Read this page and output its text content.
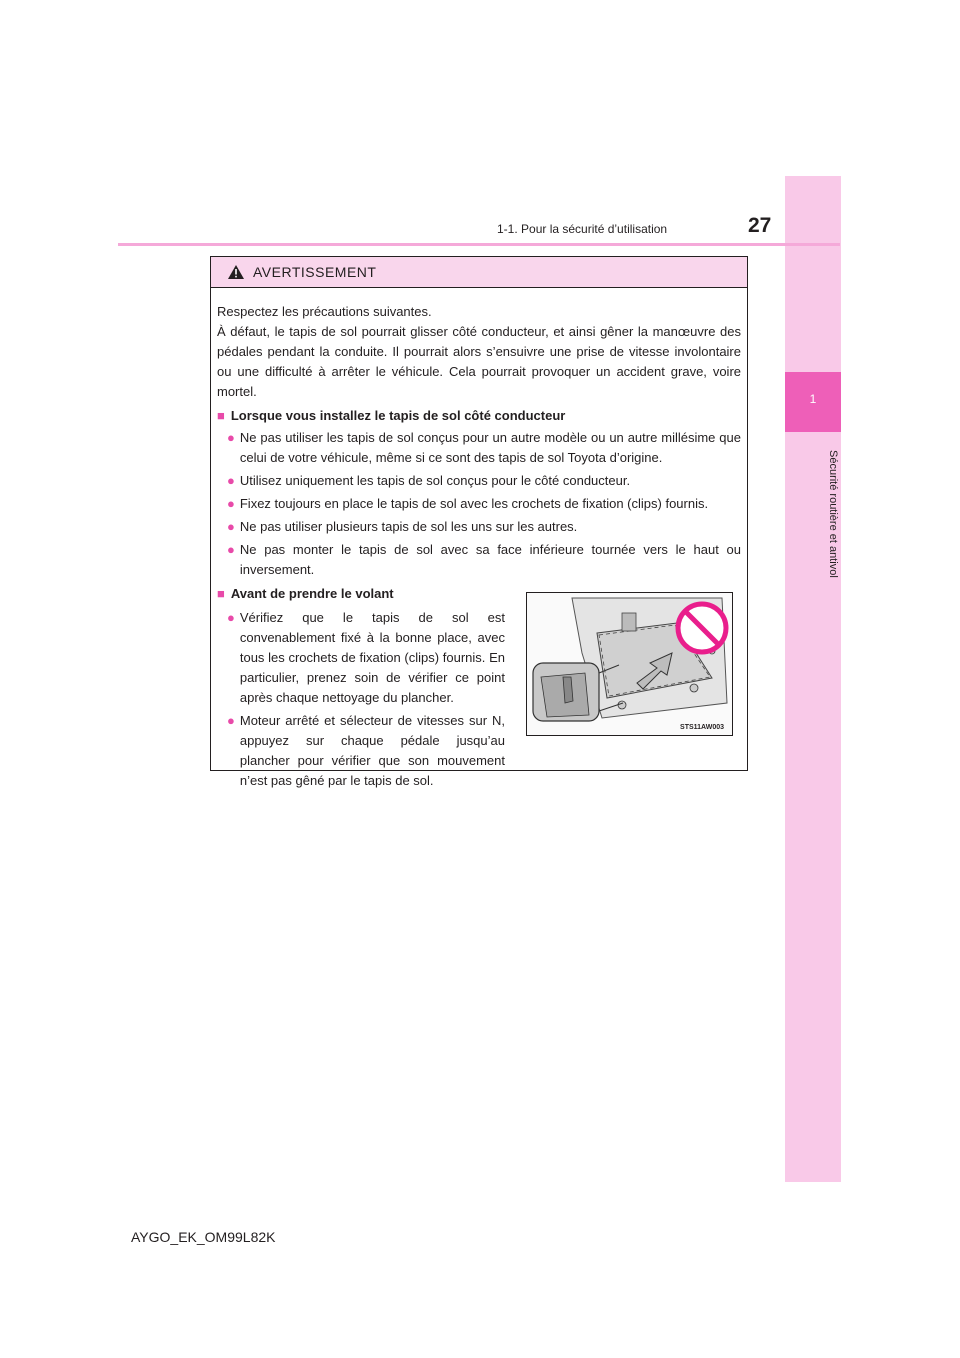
1
Sécurité routière et antivol
1-1. Pour la sécurité d’utilisation	27
AVERTISSEMENT

Respectez les précautions suivantes.

À défaut, le tapis de sol pourrait glisser côté conducteur, et ainsi gêner la manœuvre des pédales pendant la conduite. Il pourrait alors s’ensuivre une prise de vitesse involontaire ou une difficulté à arrêter le véhicule. Cela pourrait provoquer un accident grave, voire mortel.

■ Lorsque vous installez le tapis de sol côté conducteur
● Ne pas utiliser les tapis de sol conçus pour un autre modèle ou un autre millésime que celui de votre véhicule, même si ce sont des tapis de sol Toyota d’origine.
● Utilisez uniquement les tapis de sol conçus pour le côté conducteur.
● Fixez toujours en place le tapis de sol avec les crochets de fixation (clips) fournis.
● Ne pas utiliser plusieurs tapis de sol les uns sur les autres.
● Ne pas monter le tapis de sol avec sa face inférieure tournée vers le haut ou inversement.
■ Avant de prendre le volant
● Vérifiez que le tapis de sol est convenablement fixé à la bonne place, avec tous les crochets de fixation (clips) fournis. En particulier, prenez soin de vérifier ce point après chaque nettoyage du plancher.
● Moteur arrêté et sélecteur de vitesses sur N, appuyez sur chaque pédale jusqu’au plancher pour vérifier que son mouvement n’est pas gêné par le tapis de sol.
STS11AW003
AYGO_EK_OM99L82K
